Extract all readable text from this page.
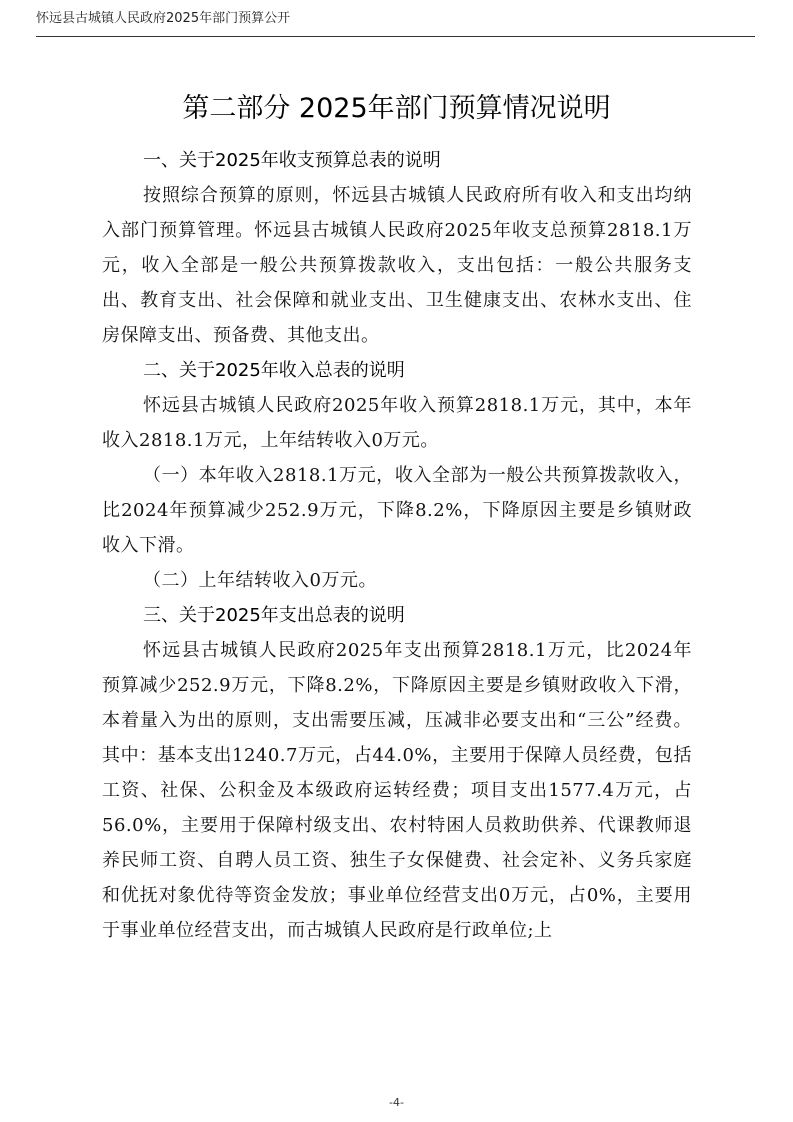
怀远县古城镇人民政府2025年部门预算公开
第二部分 2025年部门预算情况说明
一、关于2025年收支预算总表的说明

按照综合预算的原则，怀远县古城镇人民政府所有收入和支出均纳入部门预算管理。怀远县古城镇人民政府2025年收支总预算2818.1万元，收入全部是一般公共预算拨款收入，支出包括：一般公共服务支出、教育支出、社会保障和就业支出、卫生健康支出、农林水支出、住房保障支出、预备费、其他支出。

二、关于2025年收入总表的说明

怀远县古城镇人民政府2025年收入预算2818.1万元，其中，本年收入2818.1万元，上年结转收入0万元。

（一）本年收入2818.1万元，收入全部为一般公共预算拨款收入，比2024年预算减少252.9万元，下降8.2%，下降原因主要是乡镇财政收入下滑。

（二）上年结转收入0万元。

三、关于2025年支出总表的说明

怀远县古城镇人民政府2025年支出预算2818.1万元，比2024年预算减少252.9万元，下降8.2%，下降原因主要是乡镇财政收入下滑，本着量入为出的原则，支出需要压减，压减非必要支出和“三公”经费。其中：基本支出1240.7万元，占44.0%，主要用于保障人员经费，包括工资、社保、公积金及本级政府运转经费；项目支出1577.4万元，占56.0%，主要用于保障村级支出、农村特困人员救助供养、代课教师退养民师工资、自聘人员工资、独生子女保健费、社会定补、义务兵家庭和优抚对象优待等资金发放；事业单位经营支出0万元，占0%，主要用于事业单位经营支出，而古城镇人民政府是行政单位;上

-4-
